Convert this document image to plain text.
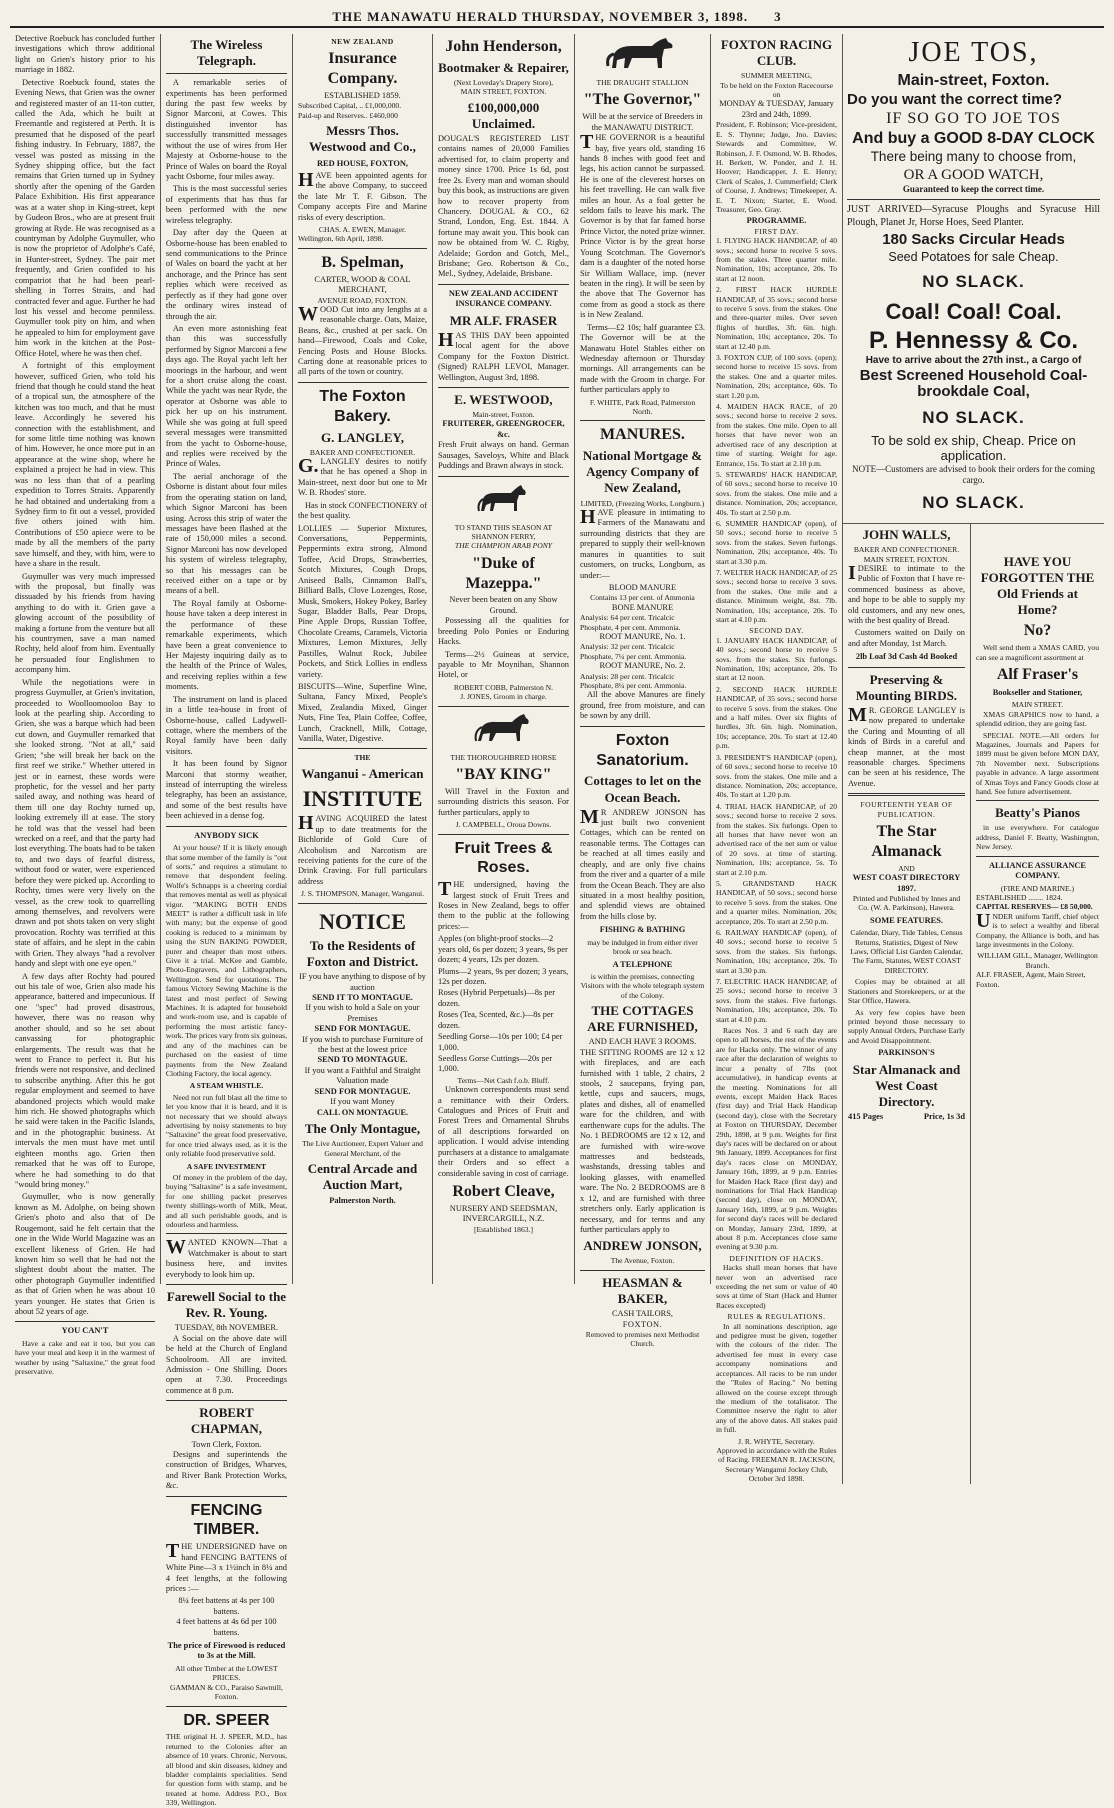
THE MANAWATU HERALD THURSDAY, NOVEMBER 3, 1898. 3

Detective Roebuck has concluded further investigations which throw additional light on Grien's history prior to his marriage in 1882.

Detective Roebuck found, states the Evening News, that Grien was the owner and registered master of an 11-ton cutter, called the Ada, which he built at Freemantle and registered at Perth. It is presumed that he disposed of the pearl fishing industry. In February, 1887, the vessel was posted as missing in the Sydney shipping office, but the fact remains that Grien turned up in Sydney shortly after the opening of the Garden Palace Exhibition. His first appearance was at a water shop in King-street, kept by Gudeon Bros., who are at present fruit growing at Ryde. He was recognised as a countryman by Adolphe Guymuller, who is now the proprietor of Adolphe's Café, in Hunter-street, Sydney. The pair met frequently, and Grien confided to his compatriot that he had been pearl-shelling in Torres Straits, and had contracted fever and ague. Further he had lost his vessel and become penniless. Guymuller took pity on him, and when he appealed to him for employment gave him work in the kitchen at the Post-Office Hotel, where he was then chef.

A fortnight of this employment however, sufficed Grien, who told his friend that though he could stand the heat of a tropical sun, the atmosphere of the kitchen was too much, and that he must leave. Accordingly he severed his connection with the establishment, and for some little time nothing was known of him. However, he once more put in an appearance at the wine shop, where he explained a project he had in view. This was no less than that of a pearling expedition to Torres Straits. Apparently he had obtained and undertaking from a Sydney firm to fit out a vessel, provided five others joined with him. Contributions of £50 apiece were to be made by all the members of the party save himself, and they, with him, were to have a share in the result.

Guymuller was very much impressed with the proposal, but finally was dissuaded by his friends from having anything to do with it. Grien gave a glowing account of the possibility of making a fortune from the venture but all his countrymen, save a man named Rochty, held aloof from him. Eventually he persuaded four Englishmen to accompany him.

While the negotiations were in progress Guymuller, at Grien's invitation, proceeded to Woolloomooloo Bay to look at the pearling ship. According to Grien, she was a barque which had been cut down, and Guymuller remarked that she looked strong. "Not at all," said Grien; "she will break her back on the first reef we strike." Whether uttered in jest or in earnest, these words were prophetic, for the vessel and her party sailed away, and nothing was heard of them till one day Rochty turned up, looking extremely ill at ease. The story he told was that the vessel had been wrecked on a reef, and that the party had lost everything. The boats had to be taken to, and two days of fearful distress, without food or water, were experienced before they were picked up. According to Rochty, times were very lively on the vessel, as the crew took to quarrelling among themselves, and revolvers were drawn and pot shots taken on very slight provocation. Rochty was terrified at this state of affairs, and he slept in the cabin with Grien. They always "had a revolver handy and slept with one eye open."

A few days after Rochty had poured out his tale of woe, Grien also made his appearance, battered and impecunious. If one "spec" had proved disastrous, however, there was no reason why another should, and so he set about canvassing for photographic enlargements. The result was that he went to France to perfect it. But his friends were not responsive, and declined to subscribe anything. After this he got regular employment and seemed to have abandoned projects which would make him rich. He showed photographs which he said were taken in the Pacific Islands, and in the photographic business. At intervals the men must have met until eighteen months ago. Grien then remarked that he was off to Europe, where he had something to do that "would bring money."

Guymuller, who is now generally known as M. Adolphe, on being shown Grien's photo and also that of De Rougemont, said he felt certain that the one in the Wide World Magazine was an excellent likeness of Grien. He had known him so well that he had not the slightest doubt about the matter. The other photograph Guymuller indentified as that of Grien when he was about 10 years younger. He states that Grien is about 52 years of age.

YOU CAN'T

Have a cake and eat it too, but you can have your meal and keep it in the warmest of weather by using "Saltaxine," the great food preservative.

The Wireless Telegraph.

A remarkable series of experiments has been performed during the past few weeks by Signor Marconi, at Cowes. This distinguished inventor has successfully transmitted messages without the use of wires from Her Majesty at Osborne-house to the Prince of Wales on board the Royal yacht Osborne, four miles away.

This is the most successful series of experiments that has thus far been performed with the new wireless telegraphy.

Day after day the Queen at Osborne-house has been enabled to send communications to the Prince of Wales on board the yacht at her anchorage, and the Prince has sent replies which were received as perfectly as if they had gone over the ordinary wires instead of through the air.

An even more astonishing feat than this was successfully performed by Signor Marconi a few days ago. The Royal yacht left her moorings in the harbour, and went for a short cruise along the coast. While the yacht was near Ryde, the operator at Osborne was able to pick her up on his instrument. While she was going at full speed several messages were transmitted from the yacht to Osborne-house, and replies were received by the Prince of Wales.

The aerial anchorage of the Osborne is distant about four miles from the operating station on land, which Signor Marconi has been using. Across this strip of water the messages have been flashed at the rate of 150,000 miles a second. Signor Marconi has now developed his system of wireless telegraphy, so that his messages can be received either on a tape or by means of a bell.

The Royal family at Osborne-house have taken a deep interest in the performance of these remarkable experiments, which have been a great convenience to Her Majesty inquiring daily as to the health of the Prince of Wales, and receiving replies within a few moments.

The instrument on land is placed in a little tea-house in front of Osborne-house, called Ladywell-cottage, where the members of the Royal family have been daily visitors.

It has been found by Signor Marconi that stormy weather, instead of interrupting the wireless telegraphy, has been an assistance, and some of the best results have been achieved in a dense fog.

ANYBODY SICK

At your house? If it is likely enough that some member of the family is "out of sorts," and requires a stimulant to remove that despondent feeling. Wolfe's Schnapps is a cheering cordial that removes mental as well as physical vigor. "MAKING BOTH ENDS MEET" is rather a difficult task in life with many; but the expense of good cooking is reduced to a minimum by using the SUN BAKING POWDER, purer and cheaper than most others. Give it a trial. McKee and Gamble, Photo-Engravers, and Lithographers, Wellington. Send for quotations. The famous Victory Sewing Machine is the latest and most perfect of Sewing Machines. It is adapted for household and work-room use, and is capable of performing the most artistic fancy-work. The prices vary from six guineas, and any of the machines can be purchased on the easiest of time payments from the New Zealand Clothing Factory, the local agency.

A STEAM WHISTLE.

Need not run full blast all the time to let you know that it is heard, and it is not necessary that we should always advertising by noisy statements to buy "Saltaxine" the great food preservative, for once tried always used, as it is the only reliable food preservative sold.

A SAFE INVESTMENT

Of money in the problem of the day, buying "Saltaxine" is a safe investment, for one shilling packet preserves twenty shillings-worth of Milk, Meat, and all such perishable goods, and is odourless and harmless.

WANTED KNOWN—That a Watchmaker is about to start business here, and invites everybody to look him up.

Farewell Social to the Rev. R. Young.
TUESDAY, 8th NOVEMBER.

A Social on the above date will be held at the Church of England Schoolroom. All are invited. Admission - One Shilling. Doors open at 7.30. Proceedings commence at 8 p.m.

ROBERT CHAPMAN,
Town Clerk, Foxton.

Designs and superintends the construction of Bridges, Wharves, and River Bank Protection Works, &c.

FENCING TIMBER.

THE UNDERSIGNED have on hand FENCING BATTENS of White Pine—3 x 1½inch in 8¼ and 4 feet lengths, at the following prices :—

8¼ feet battens at 4s per 100 battens.
4 feet battens at 4s 6d per 100 battens.
The price of Firewood is reduced to 3s at the Mill.
All other Timber at the LOWEST PRICES.
GAMMAN & CO., Paraiso Sawmill, Foxton.
DR. SPEER

THE original H. J. SPEER, M.D., has returned to the Colonies after an absence of 10 years. Chronic, Nervous, all blood and skin diseases, kidney and bladder complaints specialities. Send for question form with stamp, and be treated at home. Address P.O., Box 339, Wellington.

NEW ZEALAND
Insurance Company.
ESTABLISHED 1859.
Subscribed Capital, .. £1,000,000.
Paid-up and Reserves.. £460,000
Messrs Thos. Westwood and Co.,
RED HOUSE, FOXTON,

HAVE been appointed agents for the above Company, to succeed the late Mr T. F. Gibson. The Company accepts Fire and Marine risks of every description.

CHAS. A. EWEN, Manager.
Wellington, 6th April, 1898.
B. Spelman,
CARTER, WOOD & COAL MERCHANT,
AVENUE ROAD, FOXTON.

WOOD Cut into any lengths at a reasonable charge. Oats, Maize, Beans, &c., crushed at per sack. On hand—Firewood, Coals and Coke, Fencing Posts and House Blocks. Carting done at reasonable prices to all parts of the town or country.

The Foxton Bakery.
G. LANGLEY,
BAKER AND CONFECTIONER.

G.LANGLEY desires to notify that he has opened a Shop in Main-street, next door but one to Mr W. B. Rhodes' store.

Has in stock CONFECTIONERY of the best quality.

LOLLIES — Superior Mixtures, Conversations, Peppermints, Peppermints extra strong, Almond Toffee, Acid Drops, Strawberries, Scotch Mixtures, Cough Drops, Aniseed Balls, Cinnamon Ball's, Billiard Balls, Clove Lozenges, Rose, Musk, Smokers, Hokey Pokey, Barley Sugar, Bladder Balls, Pear Drops, Pine Apple Drops, Russian Toffee, Chocolate Creams, Caramels, Victoria Mixtures, Lemon Mixtures, Jelly Pastilles, Walnut Rock, Jubilee Pockets, and Stick Lollies in endless variety.

BISCUITS—Wine, Superfine Wine, Sultana, Fancy Mixed, People's Mixed, Zealandia Mixed, Ginger Nuts, Fine Tea, Plain Coffee, Coffee, Lunch, Cracknell, Milk, Cottage, Vanilla, Water, Digestive.

THE
Wanganui - American
INSTITUTE

HAVING ACQUIRED the latest up to date treatments for the Bichloride of Gold Cure of Alcoholism and Narcotism are receiving patients for the cure of the Drink Craving. For full particulars address

J. S. THOMPSON, Manager, Wanganui.
NOTICE
To the Residents of Foxton and District.
IF you have anything to dispose of by auction
SEND IT TO MONTAGUE.
If you wish to hold a Sale on your Premises
SEND FOR MONTAGUE.
If you wish to purchase Furniture of the best at the lowest price
SEND TO MONTAGUE.
If you want a Faithful and Straight Valuation made
SEND FOR MONTAGUE.
If you want Money
CALL ON MONTAGUE.
The Only Montague,
The Live Auctioneer, Expert Valuer and General Merchant, of the
Central Arcade and Auction Mart,
Palmerston North.
John Henderson,
Bootmaker & Repairer,
(Next Loveday's Drapery Store),
MAIN STREET, FOXTON.
£100,000,000 Unclaimed.

DOUGAL'S REGISTERED LIST contains names of 20,000 Families advertised for, to claim property and money since 1700. Price 1s 6d, post free 2s. Every man and woman should buy this book, as instructions are given how to recover property from Chancery. DOUGAL & CO., 62 Strand, London, Eng. Est. 1844. A fortune may await you. This book can now be obtained from W. C. Rigby, Adelaide; Gordon and Gotch, Mel., Brisbane; Geo. Robertson & Co., Mel., Sydney, Adelaide, Brisbane.

NEW ZEALAND ACCIDENT INSURANCE COMPANY.
MR ALF. FRASER

HAS THIS DAY been appointed local agent for the above Company for the Foxton District. (Signed) RALPH LEVOI, Manager. Wellington, August 3rd, 1898.

E. WESTWOOD,
Main-street, Foxton.
FRUITERER, GREENGROCER, &c.

Fresh Fruit always on hand. German Sausages, Saveloys, White and Black Puddings and Brawn always in stock.

TO STAND THIS SEASON AT SHANNON FERRY,
THE CHAMPION ARAB PONY
"Duke of Mazeppa."
Never been beaten on any Show Ground.

Possessing all the qualities for breeding Polo Ponies or Enduring Hacks.

Terms—2½ Guineas at service, payable to Mr Moynihan, Shannon Hotel, or

ROBERT COBB, Palmerston N.
J. JONES, Groom in charge.
THE THOROUGHBRED HORSE
"BAY KING"

Will Travel in the Foxton and surrounding districts this season. For further particulars, apply to

J. CAMPBELL, Oroua Downs.
Fruit Trees & Roses.

THE undersigned, having the largest stock of Fruit Trees and Roses in New Zealand, begs to offer them to the public at the following prices:—

Apples (on blight-proof stocks—2 years old, 6s per dozen; 3 years, 9s per dozen; 4 years, 12s per dozen.
Plums—2 years, 9s per dozen; 3 years, 12s per dozen.
Roses (Hybrid Perpetuals)—8s per dozen.
Roses (Tea, Scented, &c.)—8s per dozen.
Seedling Gorse—10s per 100; £4 per 1,000.
Seedless Gorse Cuttings—20s per 1,000.
Terms—Net Cash f.o.b. Bluff.

Unknown correspondents must send a remittance with their Orders. Catalogues and Prices of Fruit and Forest Trees and Ornamental Shrubs of all descriptions forwarded on application. I would advise intending purchasers at a distance to amalgamate their Orders and so effect a considerable saving in cost of carriage.

Robert Cleave,
NURSERY AND SEEDSMAN,
INVERCARGILL, N.Z.
[Established 1863.]
THE DRAUGHT STALLION
"The Governor,"
Will be at the service of Breeders in the MANAWATU DISTRICT.

THE GOVERNOR is a beautiful bay, five years old, standing 16 hands 8 inches with good feet and legs, his action cannot be surpassed. He is one of the cleverest horses on his feet travelling. He can walk five miles an hour. As a foal getter he seldom fails to leave his mark. The Governor is by that far famed horse Prince Victor, the noted prize winner. Prince Victor is by the great horse Young Scotchman. The Governor's dam is a daughter of the noted horse Sir William Wallace, imp. (never beaten in the ring). It will be seen by the above that The Governor has come from as good a stock as there is in New Zealand.

Terms—£2 10s; half guarantee £3. The Governor will be at the Manawatu Hotel Stables either on Wednesday afternoon or Thursday mornings. All arrangements can be made with the Groom in charge. For further particulars apply to

F. WHITE, Park Road, Palmerston North.
MANURES.
National Mortgage & Agency Company of New Zealand,
LIMITED, (Freezing Works, Longburn.)

HAVE pleasure in intimating to Farmers of the Manawatu and surrounding districts that they are prepared to supply their well-known manures in quantities to suit customers, on trucks, Longburn, as under:—

BLOOD MANURE
Contains 13 per cent. of Ammonia
BONE MANURE
Analysis: 64 per cent. Tricalcic Phosphate, 4 per cent. Ammonia.
ROOT MANURE, No. 1.
Analysis: 32 per cent. Tricalcic Phosphate, 7¼ per cent. Ammonia.
ROOT MANURE, No. 2.
Analysis: 28 per cent. Tricalcic Phosphate, 8¼ per cent. Ammonia.

All the above Manures are finely ground, free from moisture, and can be sown by any drill.

Foxton Sanatorium.
Cottages to let on the Ocean Beach.

MR ANDREW JONSON has just built two convenient Cottages, which can be rented on reasonable terms. The Cottages can be reached at all times easily and cheaply, and are only five chains from the river and a quarter of a mile from the Ocean Beach. They are also situated in a most healthy position, and splendid views are obtained from the hills close by.

FISHING & BATHING
may be indulged in from either river brook or sea beach.
A TELEPHONE
is within the premises, connecting Visitors with the whole telegraph system of the Colony.
THE COTTAGES ARE FURNISHED,
AND EACH HAVE 3 ROOMS.

THE SITTING ROOMS are 12 x 12 with fireplaces, and are each furnished with 1 table, 2 chairs, 2 stools, 2 saucepans, frying pan, kettle, cups and saucers, mugs, plates and dishes, all of enamelled ware for the children, and with earthenware cups for the adults. The No. 1 BEDROOMS are 12 x 12, and are furnished with wire-wove mattresses and bedsteads, washstands, dressing tables and looking glasses, with enamelled ware. The No. 2 BEDROOMS are 8 x 12, and are furnished with three stretchers only. Early application is necessary, and for terms and any further particulars apply to

ANDREW JONSON,
The Avenue, Foxton.
HEASMAN & BAKER,
CASH TAILORS,
FOXTON.
Removed to premises next Methodist Church.
FOXTON RACING CLUB.
SUMMER MEETING,
To be held on the Foxton Racecourse on
MONDAY & TUESDAY, January 23rd and 24th, 1899.

President, F. Robinson; Vice-president, E. S. Thynne; Judge, Jno. Davies; Stewards and Committee, W. Robinson, J. F. Osmond, W. B. Rhodes, H. Berkett, W. Ponder, and J. H. Hoover; Handicapper, J. E. Henry; Clerk of Scales, J. Cummerfield; Clerk of Course, J. Andrews; Timekeeper, A. E. T. Nixon; Starter, E. Wood. Treasurer, Geo. Gray.

PROGRAMME.
FIRST DAY.

1. FLYING HACK HANDICAP, of 40 sovs.; second horse to receive 5 sovs. from the stakes. Three quarter mile. Nomination, 10s; acceptance, 20s. To start at 12 noon.

2. FIRST HACK HURDLE HANDICAP, of 35 sovs.; second horse to receive 5 sovs. from the stakes. One and three-quarter miles. Over seven flights of hurdles, 3ft. 6in. high. Nomination, 10s; acceptance, 20s. To start at 12.40 p.m.

3. FOXTON CUP, of 100 sovs. (open); second horse to receive 15 sovs. from the stakes. One and a quarter miles. Nomination, 20s; acceptance, 60s. To start 1.20 p.m.

4. MAIDEN HACK RACE, of 20 sovs.; second horse to receive 2 sovs. from the stakes. One mile. Open to all horses that have never won an advertised race of any description at time of starting. Weight for age. Entrance, 15s. To start at 2.10 p.m.

5. STEWARDS' HACK HANDICAP, of 60 sovs.; second horse to receive 10 sovs. from the stakes. One mile and a distance. Nomination, 20s; acceptance, 40s. To start at 2.50 p.m.

6. SUMMER HANDICAP (open), of 50 sovs.; second horse to receive 5 sovs. from the stakes. Seven furlongs. Nomination, 20s; acceptance, 40s. To start at 3.30 p.m.

7. WELTER HACK HANDICAP, of 25 sovs.; second horse to receive 3 sovs. from the stakes. One mile and a distance. Minimum weight, 8st. 7lb. Nomination, 10s; acceptance, 20s. To start at 4.10 p.m.

SECOND DAY.

1. JANUARY HACK HANDICAP, of 40 sovs.; second horse to receive 5 sovs. from the stakes. Six furlongs. Nomination, 10s; acceptance, 20s. To start at 12 noon.

2. SECOND HACK HURDLE HANDICAP, of 35 sovs.; second horse to receive 5 sovs. from the stakes. One and a half miles. Over six flights of hurdles, 3ft. 6in. high. Nomination, 10s; acceptance, 20s. To start at 12.40 p.m.

3. PRESIDENT'S HANDICAP (open), of 60 sovs.; second horse to receive 10 sovs. from the stakes. One mile and a distance. Nomination, 20s; acceptance, 40s. To start at 1.20 p.m.

4. TRIAL HACK HANDICAP, of 20 sovs.; second horse to receive 2 sovs. from the stakes. Six furlongs. Open to all horses that have never won an advertised race of the net sum or value of 20 sovs. at time of starting. Nomination, 10s; acceptance, 5s. To start at 2.10 p.m.

5. GRANDSTAND HACK HANDICAP, of 50 sovs.; second horse to receive 5 sovs. from the stakes. One and a quarter miles. Nomination, 20s; acceptance, 20s. To start at 2.50 p.m.

6. RAILWAY HANDICAP (open), of 40 sovs.; second horse to receive 5 sovs. from the stakes. Six furlongs. Nomination, 10s; acceptance, 20s. To start at 3.30 p.m.

7. ELECTRIC HACK HANDICAP, of 25 sovs.; second horse to receive 3 sovs. from the stakes. Five furlongs. Nomination, 10s; acceptance, 20s. To start at 4.10 p.m.

Races Nos. 3 and 6 each day are open to all horses, the rest of the events are for Hacks only. The winner of any race after the declaration of weights to incur a penalty of 7lbs (not accumulative), in handicap events at the meeting. Nominations for all events, except Maiden Hack Races (first day) and Trial Hack Handicap (second day), close with the Secretary at Foxton on THURSDAY, December 29th, 1898, at 9 p.m. Weights for first day's races will be declared on or about 9th January, 1899. Acceptances for first day's races close on MONDAY, January 16th, 1899, at 9 p.m. Entries for Maiden Hack Race (first day) and nominations for Trial Hack Handicap (second day), close on MONDAY, January 16th, 1899, at 9 p.m. Weights for second day's races will be declared on Monday, January 23rd, 1899, at about 8 p.m. Acceptances close same evening at 9.30 p.m.

DEFINITION OF HACKS.

Hacks shall mean horses that have never won an advertised race exceeding the net sum or value of 40 sovs at time of Start (Hack and Hunter Races excepted)

RULES & REGULATIONS.

In all nominations description, age and pedigree must be given, together with the colours of the rider. The advertised fee must in every case accompany nominations and acceptances. All races to be run under the "Rules of Racing." No betting allowed on the course except through the medium of the totalisator. The Committee reserve the right to alter any of the above dates. All stakes paid in full.

J. R. WHYTE, Secretary.
Approved in accordance with the Rules of Racing. FREEMAN R. JACKSON, Secretary Wanganui Jockey Club, October 3rd 1898.
JOE TOS,
Main-street, Foxton.
Do you want the correct time?
IF SO GO TO JOE TOS
And buy a GOOD 8-DAY CLOCK
There being many to choose from,
OR A GOOD WATCH,
Guaranteed to keep the correct time.

JUST ARRIVED—Syracuse Ploughs and Syracuse Hill Plough, Planet Jr, Horse Hoes, Seed Planter.

180 Sacks Circular Heads
Seed Potatoes for sale Cheap.
NO SLACK.
Coal! Coal! Coal.
P. Hennessy & Co.
Have to arrive about the 27th inst., a Cargo of
Best Screened Household Coal-brookdale Coal,
NO SLACK.
To be sold ex ship, Cheap. Price on application.
NOTE—Customers are advised to book their orders for the coming cargo.
NO SLACK.
JOHN WALLS,
BAKER AND CONFECTIONER.
MAIN STREET, FOXTON.

IDESIRE to intimate to the Public of Foxton that I have re-commenced business as above, and hope to be able to supply my old customers, and any new ones, with the best quality of Bread.

Customers waited on Daily on and after Monday, 1st March.

2lb Loaf 3d Cash 4d Booked
Preserving & Mounting BIRDS.

MR. GEORGE LANGLEY is now prepared to undertake the Curing and Mounting of all kinds of Birds in a careful and cheap manner, at the most reasonable charges. Specimens can be seen at his residence, The Avenue.

FOURTEENTH YEAR OF PUBLICATION.
The Star Almanack
AND
WEST COAST DIRECTORY 1897.
Printed and Published by Innes and Co. (W. A. Parkinson), Hawera.
SOME FEATURES.

Calendar, Diary, Tide Tables, Census Returns, Statistics, Digest of New Laws, Official List Garden Calendar, The Farm, Statutes, WEST COAST DIRECTORY.

Copies may be obtained at all Stationers and Storekeepers, or at the Star Office, Hawera.

As very few copies have been printed beyond those necessary to supply Annual Orders, Purchase Early and Avoid Disappointment.

PARKINSON'S
Star Almanack and West Coast Directory.
415 Pages	Price, 1s 3d
HAVE YOU FORGOTTEN THE Old Friends at Home?
No?

Well send them a XMAS CARD, you can see a magnificent assortment at

Alf Fraser's
Bookseller and Stationer,
MAIN STREET.

XMAS GRAPHICS now to hand, a splendid edition, they are going fast.

SPECIAL NOTE.—All orders for Magazines, Journals and Papers for 1899 must be given before MON DAY, 7th November next. Subscriptions payable in advance. A large assortment of Xmas Toys and Fancy Goods close at hand. See future advertisement.

Beatty's Pianos

in use everywhere. For catalogue address, Daniel F. Beatty, Washington, New Jersey.

ALLIANCE ASSURANCE COMPANY.
(FIRE AND MARINE.)
ESTABLISHED ........ 1824.
CAPITAL RESERVES— £8 50,000.

UNDER uniform Tariff, chief object is to select a wealthy and liberal Company, the Alliance is both, and has large investments in the Colony.

WILLIAM GILL, Manager, Wellington Branch.
ALF. FRASER, Agent, Main Street, Foxton.
